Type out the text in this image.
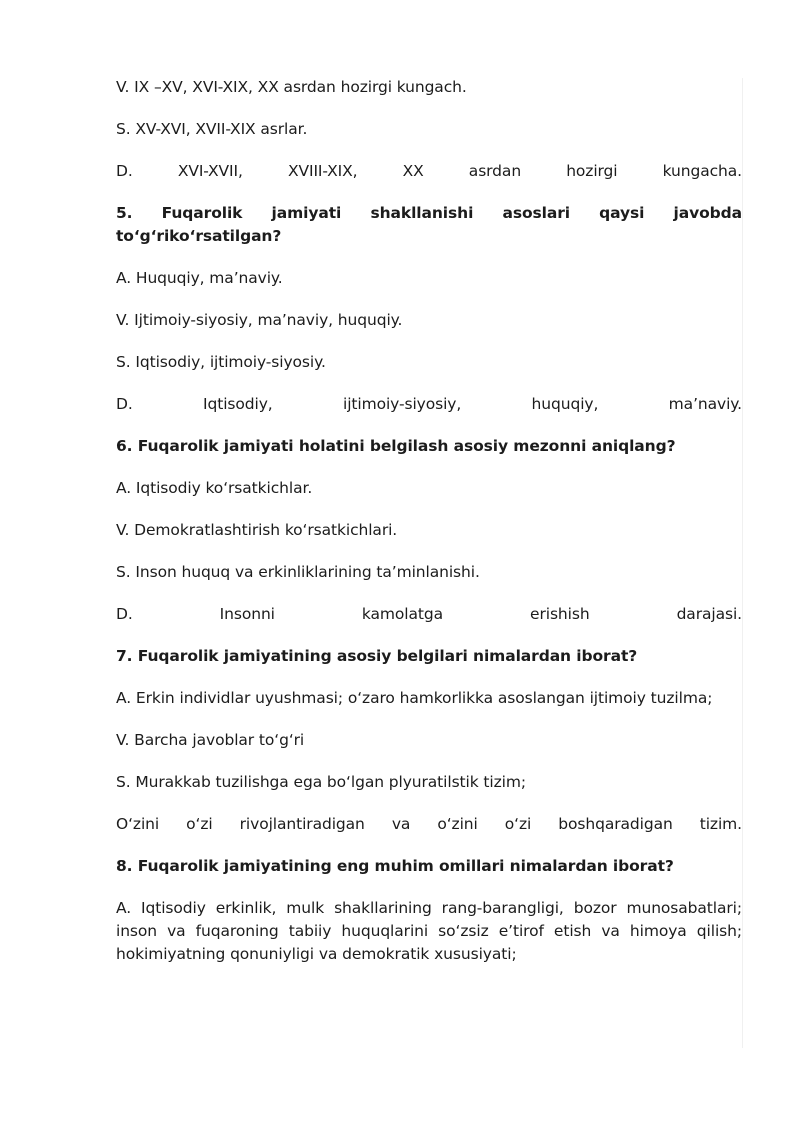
V. IX –XV, XVI-XIX, XX asrdan hozirgi kungach.

S. XV-XVI, XVII-XIX asrlar.

D. XVI-XVII, XVIII-XIX, XX asrdan hozirgi kungacha.

5. Fuqarolik jamiyati shakllanishi asoslari qaysi javobda to‘g‘riko‘rsatilgan?

A. Huquqiy, ma’naviy.

V. Ijtimoiy-siyosiy, ma’naviy, huquqiy.

S. Iqtisodiy, ijtimoiy-siyosiy.

D. Iqtisodiy, ijtimoiy-siyosiy, huquqiy, ma’naviy.

6. Fuqarolik jamiyati holatini belgilash asosiy mezonni aniqlang?

A. Iqtisodiy ko‘rsatkichlar.

V. Demokratlashtirish ko‘rsatkichlari.

S. Inson huquq va erkinliklarining ta’minlanishi.

D. Insonni kamolatga erishish darajasi.

7. Fuqarolik jamiyatining asosiy belgilari nimalardan iborat?

A. Erkin individlar uyushmasi; o‘zaro hamkorlikka asoslangan ijtimoiy tuzilma;

V. Barcha javoblar to‘g‘ri

S. Murakkab tuzilishga ega bo‘lgan plyuratilstik tizim;

O‘zini o‘zi rivojlantiradigan va o‘zini o‘zi boshqaradigan tizim.

8. Fuqarolik jamiyatining eng muhim omillari nimalardan iborat?

A. Iqtisodiy erkinlik, mulk shakllarining rang-barangligi, bozor munosabatlari; inson va fuqaroning tabiiy huquqlarini so‘zsiz e’tirof etish va himoya qilish; hokimiyatning qonuniyligi va demokratik xususiyati;
